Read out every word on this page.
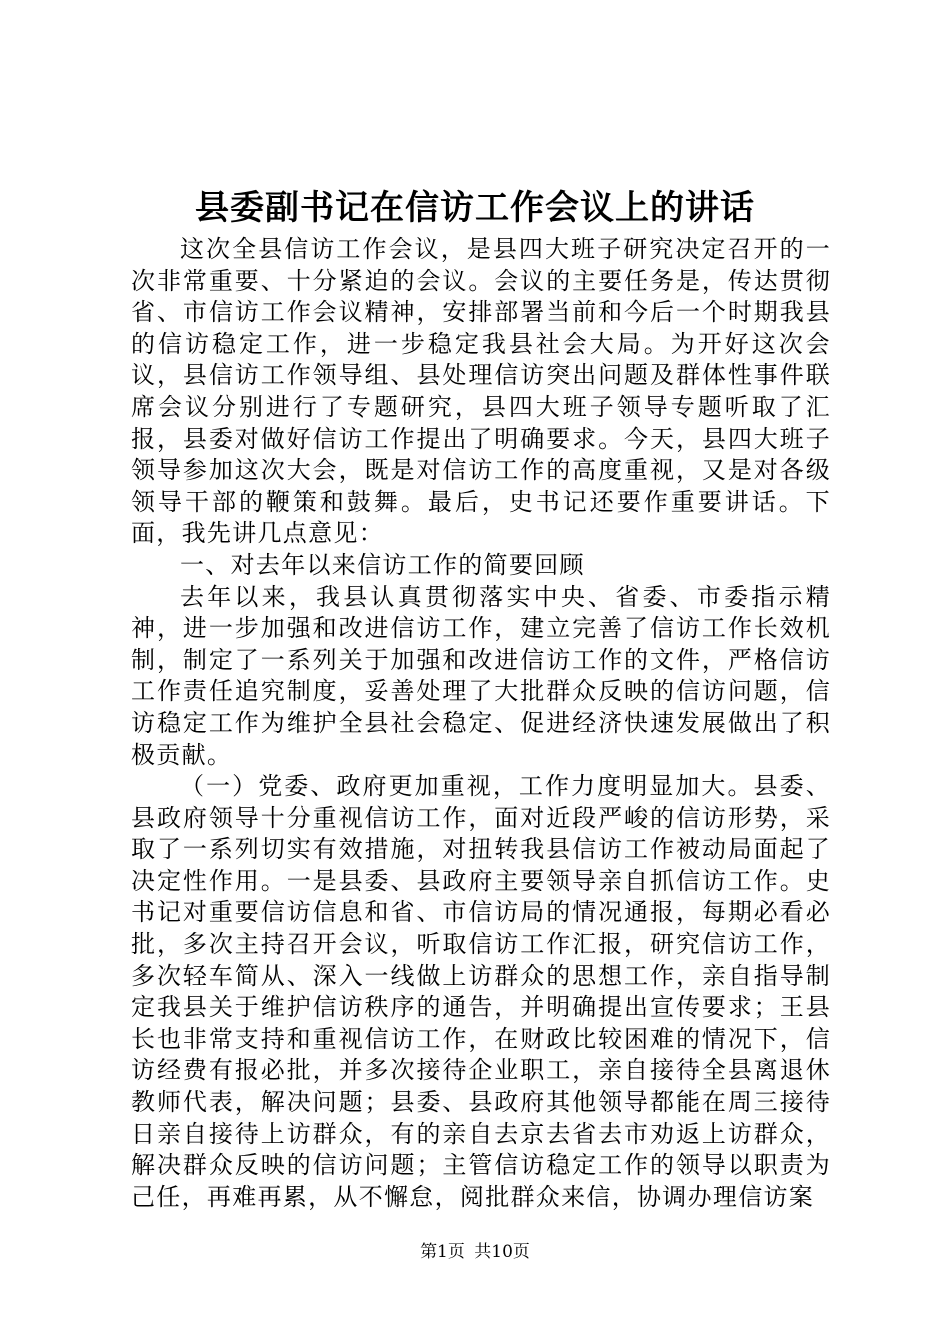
县委副书记在信访工作会议上的讲话

这次全县信访工作会议，是县四大班子研究决定召开的一次非常重要、十分紧迫的会议。会议的主要任务是，传达贯彻省、市信访工作会议精神，安排部署当前和今后一个时期我县的信访稳定工作，进一步稳定我县社会大局。为开好这次会议，县信访工作领导组、县处理信访突出问题及群体性事件联席会议分别进行了专题研究，县四大班子领导专题听取了汇报，县委对做好信访工作提出了明确要求。今天，县四大班子领导参加这次大会，既是对信访工作的高度重视，又是对各级领导干部的鞭策和鼓舞。最后，史书记还要作重要讲话。下面，我先讲几点意见：

一、对去年以来信访工作的简要回顾

去年以来，我县认真贯彻落实中央、省委、市委指示精神，进一步加强和改进信访工作，建立完善了信访工作长效机制，制定了一系列关于加强和改进信访工作的文件，严格信访工作责任追究制度，妥善处理了大批群众反映的信访问题，信访稳定工作为维护全县社会稳定、促进经济快速发展做出了积极贡献。

（一）党委、政府更加重视，工作力度明显加大。县委、县政府领导十分重视信访工作，面对近段严峻的信访形势，采取了一系列切实有效措施，对扭转我县信访工作被动局面起了决定性作用。一是县委、县政府主要领导亲自抓信访工作。史书记对重要信访信息和省、市信访局的情况通报，每期必看必批，多次主持召开会议，听取信访工作汇报，研究信访工作，多次轻车简从、深入一线做上访群众的思想工作，亲自指导制定我县关于维护信访秩序的通告，并明确提出宣传要求；王县长也非常支持和重视信访工作，在财政比较困难的情况下，信访经费有报必批，并多次接待企业职工，亲自接待全县离退休教师代表，解决问题；县委、县政府其他领导都能在周三接待日亲自接待上访群众，有的亲自去京去省去市劝返上访群众，解决群众反映的信访问题；主管信访稳定工作的领导以职责为己任，再难再累，从不懈怠，阅批群众来信，协调办理信访案

第1页 共10页
